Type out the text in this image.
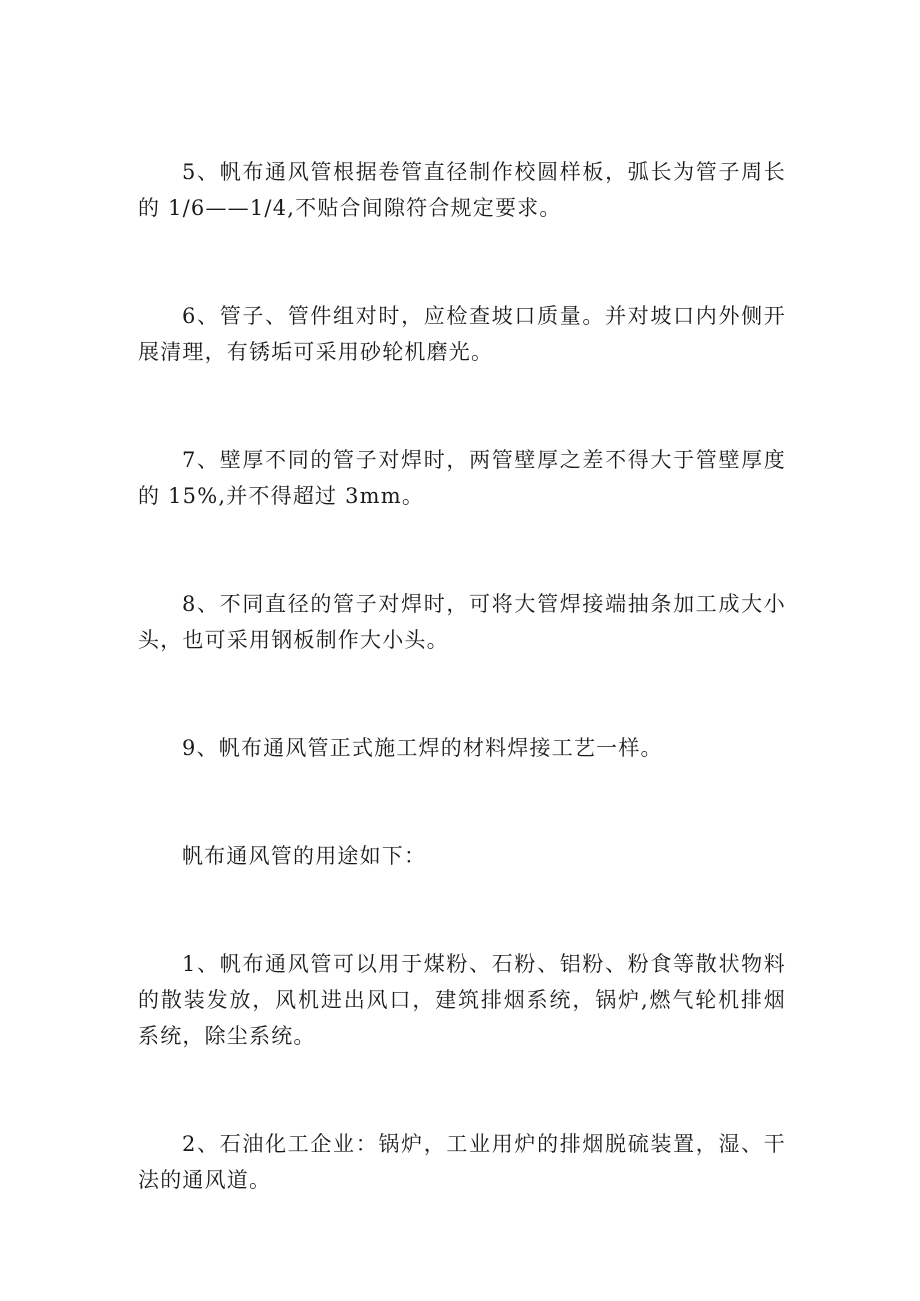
5、帆布通风管根据卷管直径制作校圆样板，弧长为管子周长的 1/6——1/4,不贴合间隙符合规定要求。

6、管子、管件组对时，应检查坡口质量。并对坡口内外侧开展清理，有锈垢可采用砂轮机磨光。

7、壁厚不同的管子对焊时，两管壁厚之差不得大于管壁厚度的 15%,并不得超过 3mm。

8、不同直径的管子对焊时，可将大管焊接端抽条加工成大小头，也可采用钢板制作大小头。

9、帆布通风管正式施工焊的材料焊接工艺一样。

帆布通风管的用途如下：

1、帆布通风管可以用于煤粉、石粉、铝粉、粉食等散状物料的散装发放，风机进出风口，建筑排烟系统，锅炉,燃气轮机排烟系统，除尘系统。

2、石油化工企业：锅炉，工业用炉的排烟脱硫装置，湿、干法的通风道。
